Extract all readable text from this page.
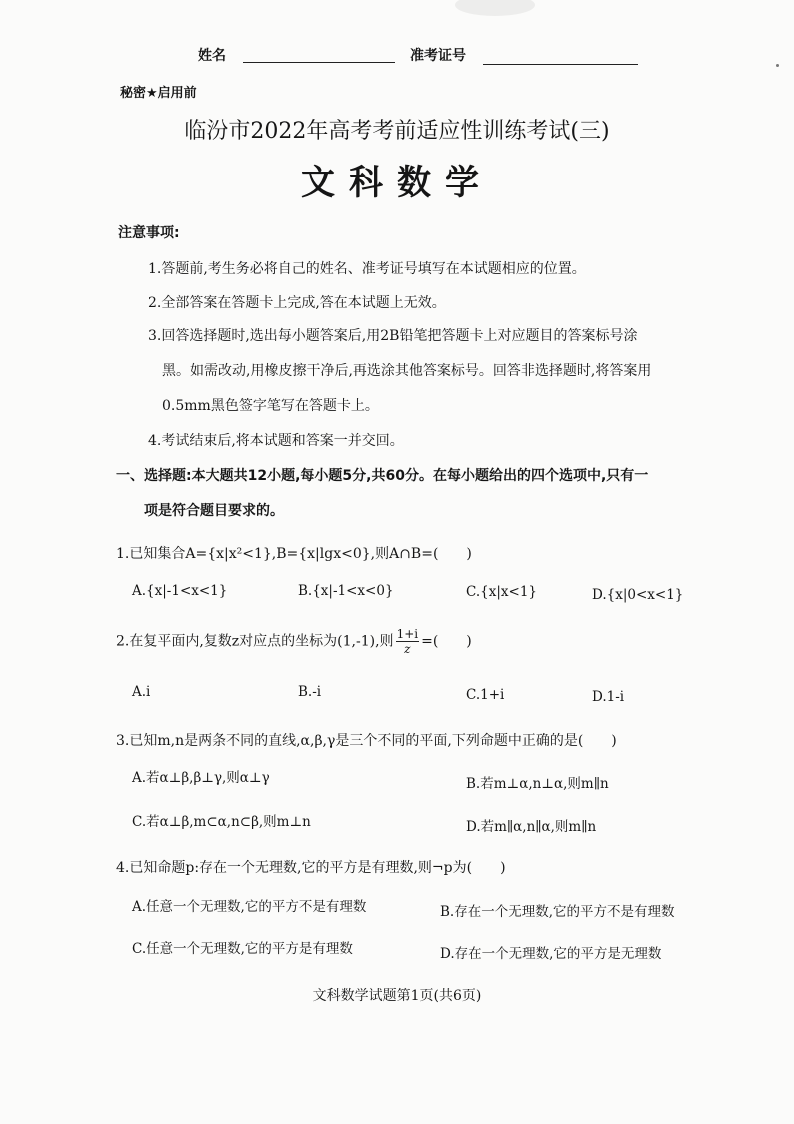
姓名	准考证号
秘密★启用前
临汾市2022年高考考前适应性训练考试(三)
文科数学
注意事项:
1.答题前,考生务必将自己的姓名、准考证号填写在本试题相应的位置。
2.全部答案在答题卡上完成,答在本试题上无效。
3.回答选择题时,选出每小题答案后,用2B铅笔把答题卡上对应题目的答案标号涂
黑。如需改动,用橡皮擦干净后,再选涂其他答案标号。回答非选择题时,将答案用
0.5mm黑色签字笔写在答题卡上。
4.考试结束后,将本试题和答案一并交回。
一、选择题:本大题共12小题,每小题5分,共60分。在每小题给出的四个选项中,只有一
项是符合题目要求的。
1.已知集合A={x|x²<1},B={x|lgx<0},则A∩B=(　　)
A.{x|-1<x<1}	B.{x|-1<x<0}	C.{x|x<1}	D.{x|0<x<1}
2.在复平面内,复数z对应点的坐标为(1,-1),则 $\frac{1+i}{z}$ =(　　)
A.i	B.-i	C.1+i	D.1-i
3.已知m,n是两条不同的直线,α,β,γ是三个不同的平面,下列命题中正确的是(　　)
A.若α⊥β,β⊥γ,则α⊥γ	B.若m⊥α,n⊥α,则m∥n
C.若α⊥β,m⊂α,n⊂β,则m⊥n	D.若m∥α,n∥α,则m∥n
4.已知命题p:存在一个无理数,它的平方是有理数,则¬p为(　　)
A.任意一个无理数,它的平方不是有理数	B.存在一个无理数,它的平方不是有理数
C.任意一个无理数,它的平方是有理数	D.存在一个无理数,它的平方是无理数
文科数学试题第1页(共6页)
